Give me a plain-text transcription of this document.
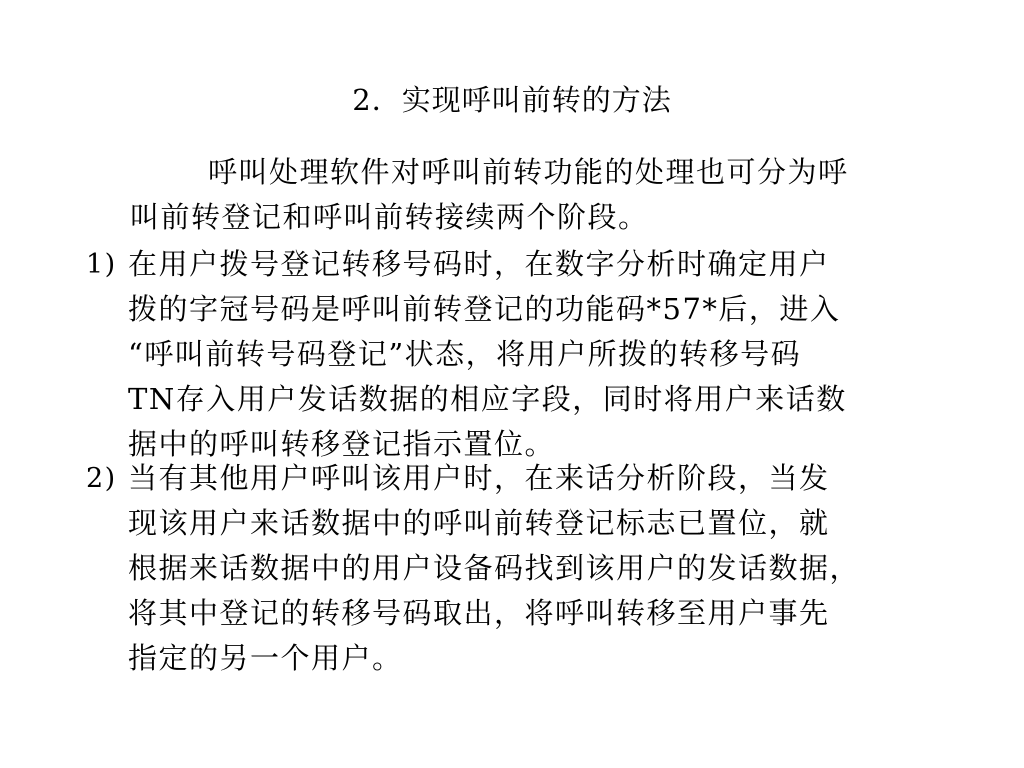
2．实现呼叫前转的方法
呼叫处理软件对呼叫前转功能的处理也可分为呼
叫前转登记和呼叫前转接续两个阶段。
1) 在用户拨号登记转移号码时，在数字分析时确定用户
拨的字冠号码是呼叫前转登记的功能码*57*后，进入
“呼叫前转号码登记”状态，将用户所拨的转移号码
TN存入用户发话数据的相应字段，同时将用户来话数
据中的呼叫转移登记指示置位。
2) 当有其他用户呼叫该用户时，在来话分析阶段，当发
现该用户来话数据中的呼叫前转登记标志已置位，就
根据来话数据中的用户设备码找到该用户的发话数据，
将其中登记的转移号码取出，将呼叫转移至用户事先
指定的另一个用户。
